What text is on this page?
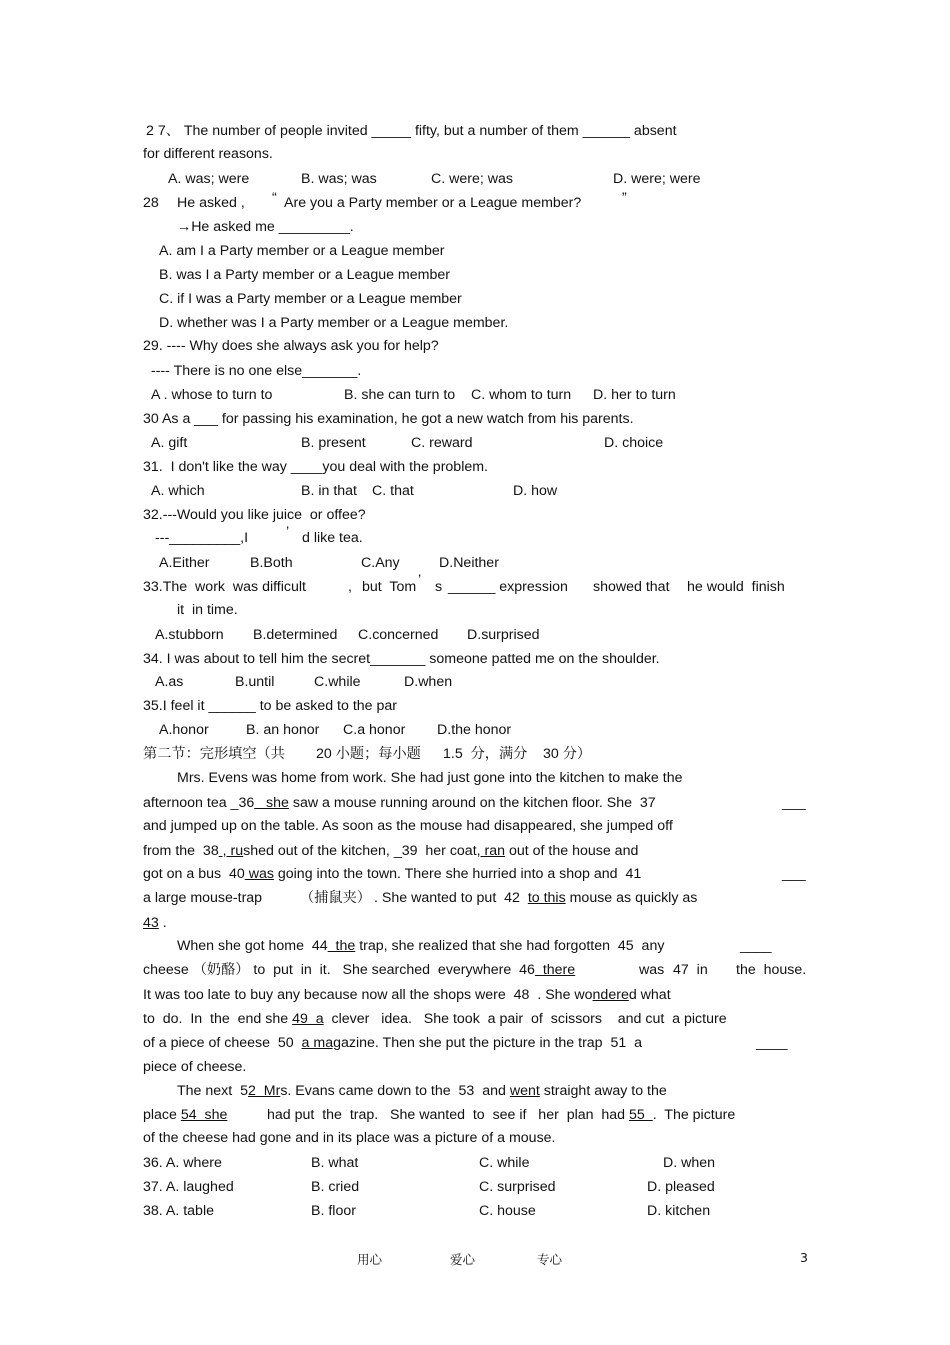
2 7、 The number of people invited _____ fifty, but a number of them ______ absent
for different reasons.
A. was; were	B. was; was	C. were; was	D. were; were
28 He asked , “ Are you a Party member or a League member?	”
→He asked me _________.
A. am I a Party member or a League member
B. was I a Party member or a League member
C. if I was a Party member or a League member
D. whether was I a Party member or a League member.
29. ---- Why does she always ask you for help?
---- There is no one else_______.
A . whose to turn to	B. she can turn to C. whom to turn D. her to turn
30 As a ___ for passing his examination, he got a new watch from his parents.
A. gift	B. present	C. reward	D. choice
31.  I don't like the way ____you deal with the problem.
A. which	B. in that C. that	D. how
32.---Would you like juice  or offee?
---_________,I	’ d like tea.
A.Either	B.Both	C.Any	D.Neither
33.The  work  was difficult	, but  Tom ’ s ______ expression showed that he would  finish
it  in time.
A.stubborn B.determined C.concerned D.surprised
34. I was about to tell him the secret_______ someone patted me on the shoulder.
A.as	B.until	C.while	D.when
35.I feel it ______ to be asked to the par
A.honor	B. an honor C.a honor D.the honor
第二节：完形填空（共 20 小题；每小题 1.5  分，满分 30 分）
Mrs. Evens was home from work. She had just gone into the kitchen to make the
afternoon tea _36   she saw a mouse running around on the kitchen floor. She  37	___
and jumped up on the table. As soon as the mouse had disappeared, she jumped off
from the  38 , rushed out of the kitchen, _39  her coat, ran out of the house and
got on a bus  40 was going into the town. There she hurried into a shop and  41	___
a large mouse-trap	（捕鼠夹） . She wanted to put  42  to this mouse as quickly as
43 .
When she got home  44  the trap, she realized that she had forgotten  45  any	____
cheese （奶酪） to  put  in  it.   She searched  everywhere  46  there	was 47  in the  house.
It was too late to buy any because now all the shops were  48  . She wondered what
to  do.  In  the  end she 49  a  clever   idea.   She took  a pair  of  scissors    and cut  a picture
of a piece of cheese  50  a magazine. Then she put the picture in the trap  51  a	____
piece of cheese.
The next  52  Mrs. Evans came down to the  53  and went straight away to the
place 54  she	had put  the  trap.   She wanted  to  see if   her  plan  had 55  .  The picture
of the cheese had gone and in its place was a picture of a mouse.
36. A. where	B. what	C. while	D. when
37. A. laughed	B. cried	C. surprised	D. pleased
38. A. table	B. floor	C. house	D. kitchen
用心	爱心	专心	3
